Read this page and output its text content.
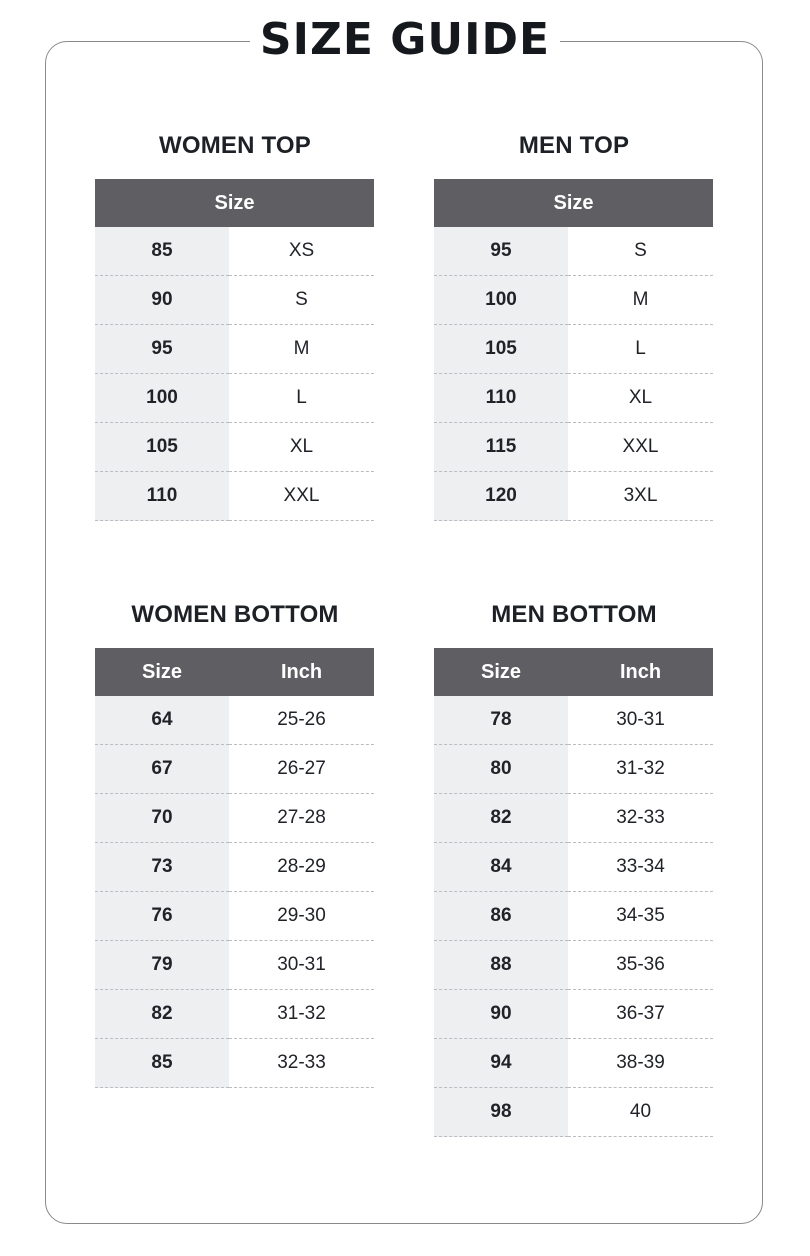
SIZE GUIDE
WOMEN TOP
Size	
85	XS
90	S
95	M
100	L
105	XL
110	XXL
MEN TOP
Size	
95	S
100	M
105	L
110	XL
115	XXL
120	3XL
WOMEN BOTTOM
Size	Inch
64	25-26
67	26-27
70	27-28
73	28-29
76	29-30
79	30-31
82	31-32
85	32-33
MEN BOTTOM
Size	Inch
78	30-31
80	31-32
82	32-33
84	33-34
86	34-35
88	35-36
90	36-37
94	38-39
98	40
